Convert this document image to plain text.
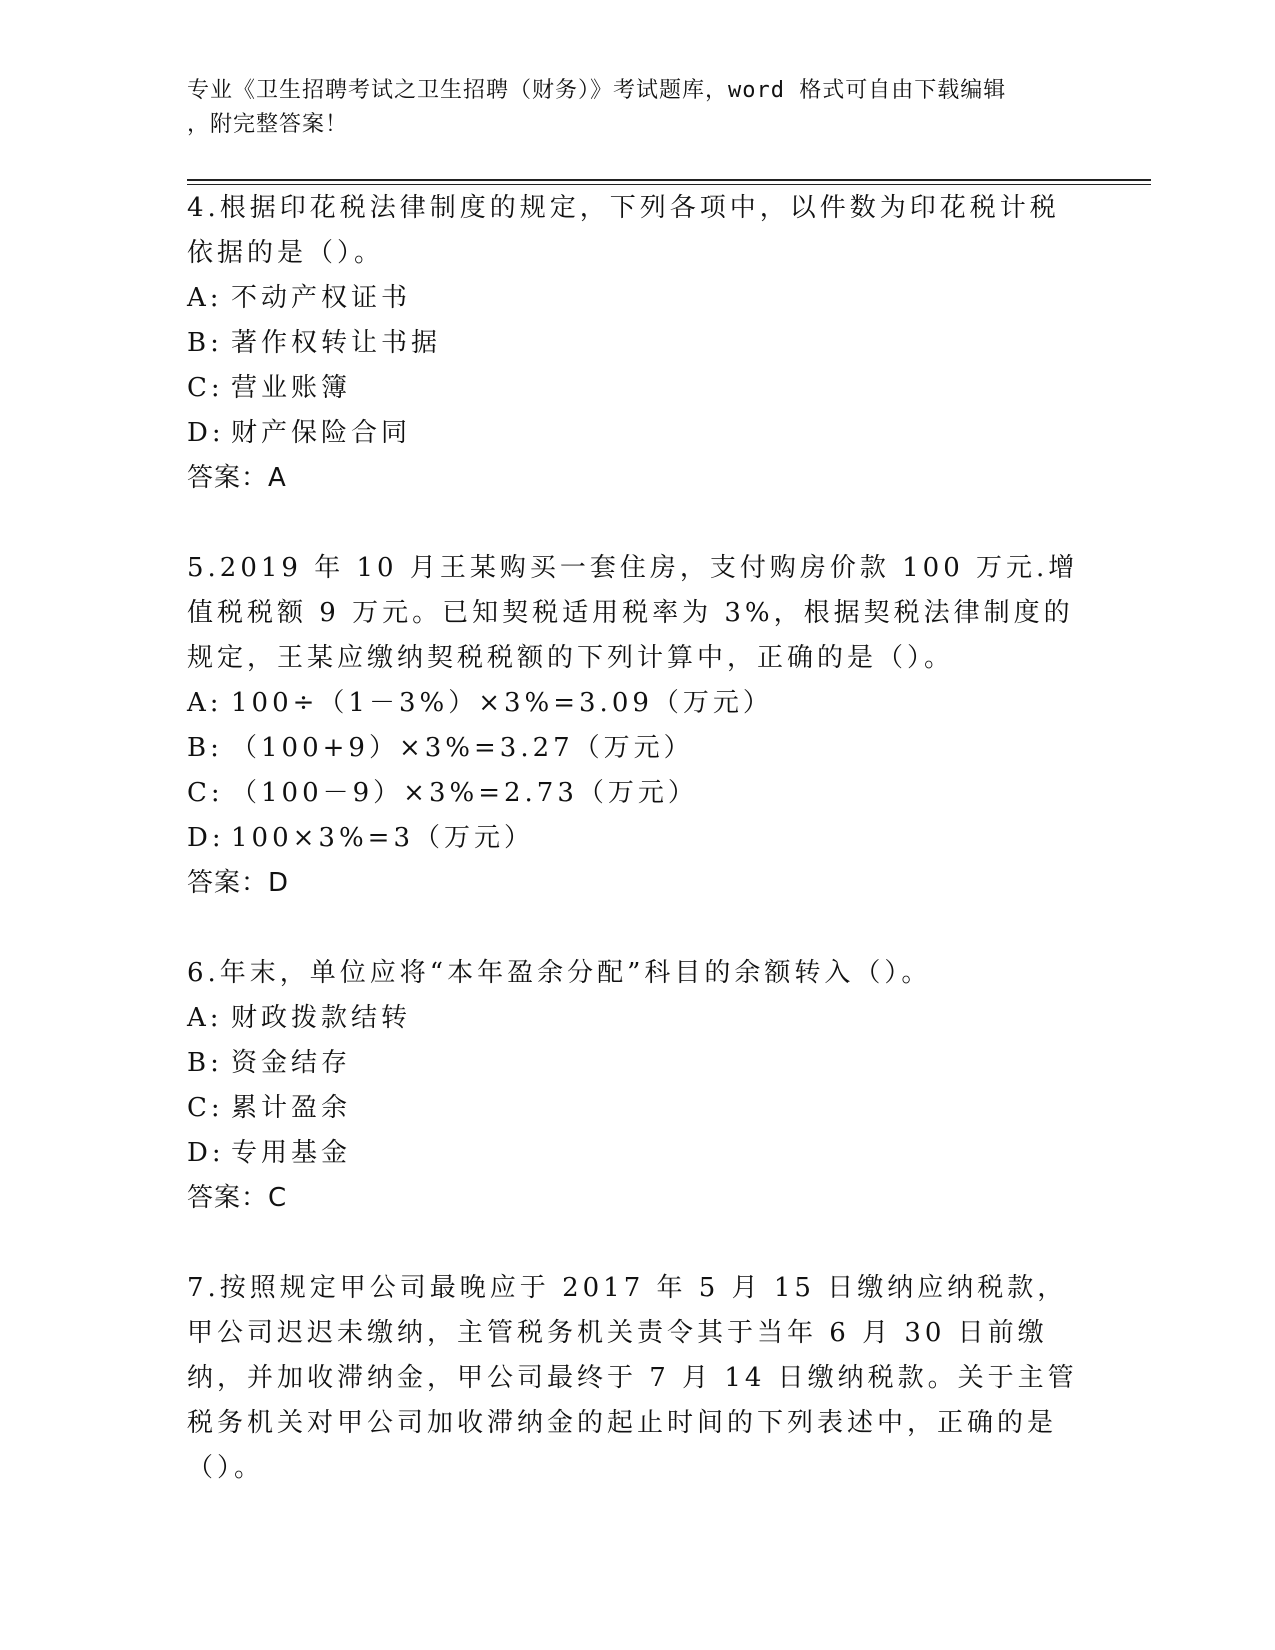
专业《卫生招聘考试之卫生招聘（财务）》考试题库，word 格式可自由下载编辑
，附完整答案！

4.根据印花税法律制度的规定，下列各项中，以件数为印花税计税依据的是（）。

A: 不动产权证书

B: 著作权转让书据

C: 营业账簿

D: 财产保险合同

答案：A

5.2019 年 10 月王某购买一套住房，支付购房价款 100 万元.增值税税额 9 万元。已知契税适用税率为 3%，根据契税法律制度的规定，王某应缴纳契税税额的下列计算中，正确的是（）。

A: 100÷（1－3%）×3%=3.09（万元）

B: （100+9）×3%=3.27（万元）

C: （100－9）×3%=2.73（万元）

D: 100×3%=3（万元）

答案：D

6.年末，单位应将“本年盈余分配”科目的余额转入（）。

A: 财政拨款结转

B: 资金结存

C: 累计盈余

D: 专用基金

答案：C

7.按照规定甲公司最晚应于 2017 年 5 月 15 日缴纳应纳税款，甲公司迟迟未缴纳，主管税务机关责令其于当年 6 月 30 日前缴纳，并加收滞纳金，甲公司最终于 7 月 14 日缴纳税款。关于主管税务机关对甲公司加收滞纳金的起止时间的下列表述中，正确的是（）。
